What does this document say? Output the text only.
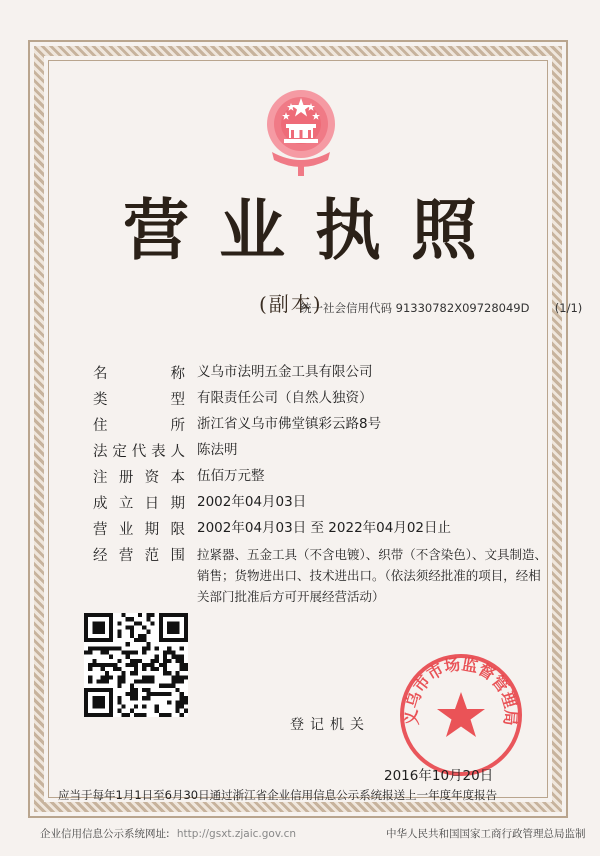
营业执照
(副本)
统一社会信用代码 91330782X09728049D (1/1)
名	称 义乌市法明五金工具有限公司
类	型 有限责任公司（自然人独资）
住	所 浙江省义乌市佛堂镇彩云路8号
法 定 代 表 人 陈法明
注 册 资 本 伍佰万元整
成 立 日 期 2002年04月03日
营 业 期 限 2002年04月03日 至 2022年04月02日止
经 营 范 围 拉紧器、五金工具（不含电镀）、织带（不含染色）、文具制造、销售；货物进出口、技术进出口。（依法须经批准的项目，经相关部门批准后方可开展经营活动）
登记机关 义乌市市场监督管理局
2016年10月20日
应当于每年1月1日至6月30日通过浙江省企业信用信息公示系统报送上一年度年度报告
企业信用信息公示系统网址: http://gsxt.zjaic.gov.cn	中华人民共和国国家工商行政管理总局监制
